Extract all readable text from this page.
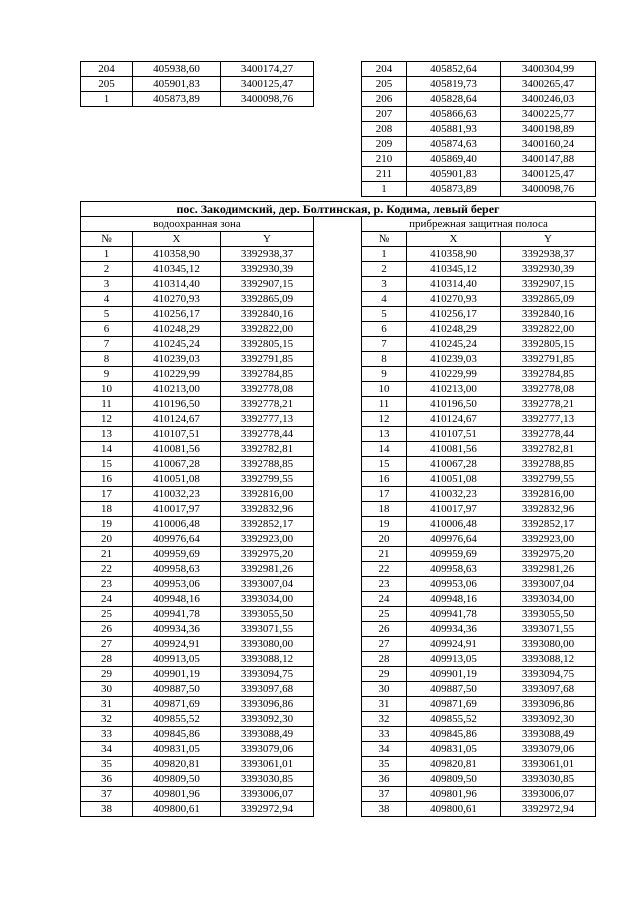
204	405938,60	3400174,27
205	405901,83	3400125,47
1	405873,89	3400098,76
204	405852,64	3400304,99
205	405819,73	3400265,47
206	405828,64	3400246,03
207	405866,63	3400225,77
208	405881,93	3400198,89
209	405874,63	3400160,24
210	405869,40	3400147,88
211	405901,83	3400125,47
1	405873,89	3400098,76
пос. Закодимский, дер. Болтинская, р. Кодима, левый берег						
водоохранная зона				прибрежная защитная полоса		
№	X	Y		№	X	Y
1	410358,90	3392938,37		1	410358,90	3392938,37
2	410345,12	3392930,39		2	410345,12	3392930,39
3	410314,40	3392907,15		3	410314,40	3392907,15
4	410270,93	3392865,09		4	410270,93	3392865,09
5	410256,17	3392840,16		5	410256,17	3392840,16
6	410248,29	3392822,00		6	410248,29	3392822,00
7	410245,24	3392805,15		7	410245,24	3392805,15
8	410239,03	3392791,85		8	410239,03	3392791,85
9	410229,99	3392784,85		9	410229,99	3392784,85
10	410213,00	3392778,08		10	410213,00	3392778,08
11	410196,50	3392778,21		11	410196,50	3392778,21
12	410124,67	3392777,13		12	410124,67	3392777,13
13	410107,51	3392778,44		13	410107,51	3392778,44
14	410081,56	3392782,81		14	410081,56	3392782,81
15	410067,28	3392788,85		15	410067,28	3392788,85
16	410051,08	3392799,55		16	410051,08	3392799,55
17	410032,23	3392816,00		17	410032,23	3392816,00
18	410017,97	3392832,96		18	410017,97	3392832,96
19	410006,48	3392852,17		19	410006,48	3392852,17
20	409976,64	3392923,00		20	409976,64	3392923,00
21	409959,69	3392975,20		21	409959,69	3392975,20
22	409958,63	3392981,26		22	409958,63	3392981,26
23	409953,06	3393007,04		23	409953,06	3393007,04
24	409948,16	3393034,00		24	409948,16	3393034,00
25	409941,78	3393055,50		25	409941,78	3393055,50
26	409934,36	3393071,55		26	409934,36	3393071,55
27	409924,91	3393080,00		27	409924,91	3393080,00
28	409913,05	3393088,12		28	409913,05	3393088,12
29	409901,19	3393094,75		29	409901,19	3393094,75
30	409887,50	3393097,68		30	409887,50	3393097,68
31	409871,69	3393096,86		31	409871,69	3393096,86
32	409855,52	3393092,30		32	409855,52	3393092,30
33	409845,86	3393088,49		33	409845,86	3393088,49
34	409831,05	3393079,06		34	409831,05	3393079,06
35	409820,81	3393061,01		35	409820,81	3393061,01
36	409809,50	3393030,85		36	409809,50	3393030,85
37	409801,96	3393006,07		37	409801,96	3393006,07
38	409800,61	3392972,94		38	409800,61	3392972,94
